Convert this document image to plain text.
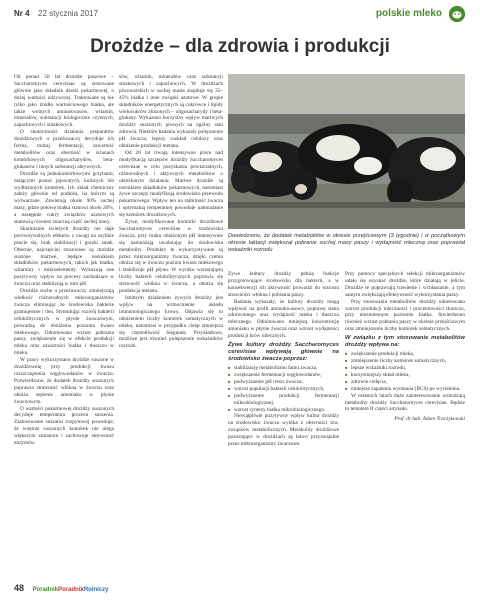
Nr 4 22 stycznia 2017	polskie mleko
Drożdże – dla zdrowia i produkcji

Od ponad 50 lat drożdże paszowe – Saccharomyces cerevisiae są stosowane głównie jako składnik dawki pokarmowej, o dużej wartości odżywczej. Traktowane są nie tylko jako źródło wartościowego białka, ale także wolnych aminokwasów, witamin, minerałów, substancji biologicznie czynnych, zapachowych i smakowych.

O skuteczności działania preparatów drożdżowych u przeżuwaczy decyduje ich forma, rodzaj fermentacji, zawartość metabolitów oraz obecność w ścianach komórkowych oligosacharydów, beta-glukanów i innych substancji aktywnych.

Drożdże są jednokomórkowymi grzybami, mającymi postać jajowatych, kulistych lub wydłużonych komórek. Ich skład chemiczny zależy głównie od podłoża, na którym są wytwarzane. Zawierają około 90% suchej masy, gdzie połowę białka stanowi około 20%, a następnie cukry związków azotowych stanowią również znaczną część suchej masy.

Skarmianie świeżych drożdży nie daje porównywalnych efektów z uwagi na szybkie psucie się, brak stabilizacji i gorzki smak. Obecnie, najczęściej stosowane są drożdże suszone martwe, będące nośnikiem składników pokarmowych, takich jak białka, witaminy i mikroelementy. Wykazują one pozytywny wpływ na procesy zachodzące w żwaczu oraz stabilizują w nim pH.

Drożdże suche u przeżuwaczy zmniejszają wielkość różnorodnych mikroorganizmów żwacza eliminując ze środowiska bakterie gramujemne i tlen. Stymulując rozwój bakterii celulolitycznych w płynie żwaczowym, prowadzą do obniżenia poziomu kwasu mlekowego. Odnotowano wzrost pobrania paszy, zwiększenie się w efekcie produkcji mleka oraz zawartości białka i tłuszczu w mleku.

W pracy wykorzystano drożdże suszone w drożdżownię przy produkcji kwasu rozszczepienia węglowodanów w żwaczu. Potwierdzono, że dodatek drożdży suszonych poprawia strawność włókna w żwaczu oraz obniża stężenie amoniaku w płynie żwaczowym.

O wartości pokarmowej drożdży suszonych decyduje temperatura procesu suszenia. Zastosowanie suszarni rozpyłowej powoduje, że wnętrze suszonych komórek nie ulega większym zmianom i zachowuje aktywność enzymów.

sów, witamin, minerałów oraz substancji smakowych i zapachowych. W drożdżach piwowarskich w suchej masie znajduje się 35–45% białka i inne związki azotowe. W grupie składników energetycznych są cukrowce i lipidy wielocukrów złożonych – oligosacharydy i beta-glukany. Wykazano korzystny wpływ martwych drożdży suszonych piwnych na ogólny stan zdrowia. Niektóre badania wykazały polepszenie pH żwacza, lepszy rozkład celulozy oraz obniżenie produkcji metanu.

Od 20 lat trwają intensywne prace nad modyfikacją szczepów drożdży Saccharomyces cerevisiae w celu pozyskania powtarzalnych, różnorodnych i aktywnych metabolitów o określonym działaniu. Martwe drożdże są nośnikiem składników pokarmowych, natomiast żywe szczepy modyfikują środowisko przewodu pokarmowego. Wpływ ten na stabilność żwacza i optymalną temperaturę powoduje namnażanie się komórek drożdżowych.

Żywe, modyfikowane komórki drożdżowe Saccharomyces cerevisiae w środowisku żwacza, przy braku obniżonym pH intensywnie się namnażają uwalniając do środowiska metabolity. Produkty te wykorzystywane są przez mikroorganizmy żwacza, dzięki czemu obniża się w żwaczu poziom kwasu mlekowego i stabilizuje pH płynu. W wyniku wzrastającej liczby bakterii celulolitycznych poprawia się strawność włókna w żwaczu, a obniża się produkcja metanu.

Istotnym działaniem żywych drożdży jest wpływ na wzmocnienie układu immunologicznego krowy. Objawia się to obniżeniem liczby komórek somatycznych w mleku, natomiast w przypadku cieląt zmniejsza się częstotliwość biegunek. Przykładowo, możliwe jest również polepszenie wskaźników rozrodu.

Dowiedziono, że dodatek metabolitów w okresie przejściowym (3 tygodnie) i w początkowym okresie laktacji zwiększał pobranie suchej masy paszy i wydajność mleczną oraz poprawiał wskaźniki rozrodu

Żywe kultury drożdży pełnią funkcje przygotowujące środowisko dla bakterii, a w konsekwencji ich aktywność prowadzi do wzrostu strawności włókna i pobrania paszy.

Badania wykazały, że kultury drożdży mogą wpływać na profil aminokwasowy, poprawę stanu zdrowotnego oraz wydajność mleka i tłuszczu mlecznego. Odnotowano mniejszą koncentrację amoniaku w płynie żwacza oraz wzrost wydajności produkcji krów mlecznych.

Żywe kultury drożdży Saccharomyces cerevisiae wpływają głównie na środowisko żwacza poprzez:
■ stabilizację metabolizmu fatnu żwacza,
■ zwiększenie fermentacji węglowodanów,
■ podwyższenie pH treści żwacza,
■ wzrost populacji bakterii celulolitycznych,
■ podwyższenie produkcji fermentacji mikrobiologicznej,
■ wzrost syntezy białka mikrobiologicznego.

Niewątpliwie pozytywny wpływ kultur drożdży na środowisko żwacza wynika z obecności tzw. związków metabolicznych. Metabolity drożdżowe pozostające w drożdżach są łatwo przyswajalne przez mikroorganizmy żwaczowe.

Przy pomocy specjalnych selekcji mikroorganizmów udało się uzyskać drożdże, które działają w jelicie. Drożdże te poprawiają trawienie i wchłanianie, a tym samym zwiększają efektywność wykorzystania paszy.

Przy stosowaniu metabolitów drożdży odnotowano wzrost produkcji mleczności i procentowości tłuszczu, przy niezmiennym poziomie białka. Stwierdzono również wzrost pobrania paszy w okresie przejściowym oraz zmniejszenie liczby komórek somatycznych.

W związku z tym stosowanie metabolitów drożdży wpływa na:
■ zwiększenie produkcji mleka,
■ zmniejszenie liczby komórek somatycznych,
■ lepsze wskaźniki rozrodu,
■ korzystniejszy skład mleka,
■ zdrowie cielęcia,
■ mniejsze zapalenia wymienia (BCS) po wycieleniu.

W ostatnich latach duże zainteresowanie wzbudzają metabolity drożdży Saccharomyces cerevisiae. Będzie to tematem II części artykułu.

Prof. dr hab. Adam Traczykowski
48 PoradnikPoradnikRolniczy
